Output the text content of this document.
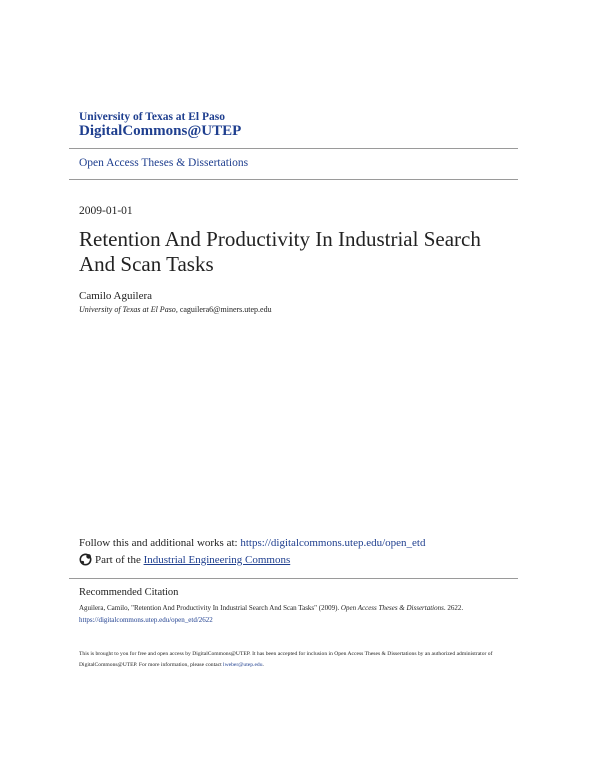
University of Texas at El Paso
DigitalCommons@UTEP
Open Access Theses & Dissertations
2009-01-01
Retention And Productivity In Industrial Search And Scan Tasks
Camilo Aguilera
University of Texas at El Paso, caguilera6@miners.utep.edu
Follow this and additional works at: https://digitalcommons.utep.edu/open_etd
Part of the
Industrial Engineering Commons
Recommended Citation
Aguilera, Camilo, "Retention And Productivity In Industrial Search And Scan Tasks" (2009). Open Access Theses & Dissertations. 2622.
https://digitalcommons.utep.edu/open_etd/2622
This is brought to you for free and open access by DigitalCommons@UTEP. It has been accepted for inclusion in Open Access Theses & Dissertations by an authorized administrator of DigitalCommons@UTEP. For more information, please contact lweber@utep.edu.
